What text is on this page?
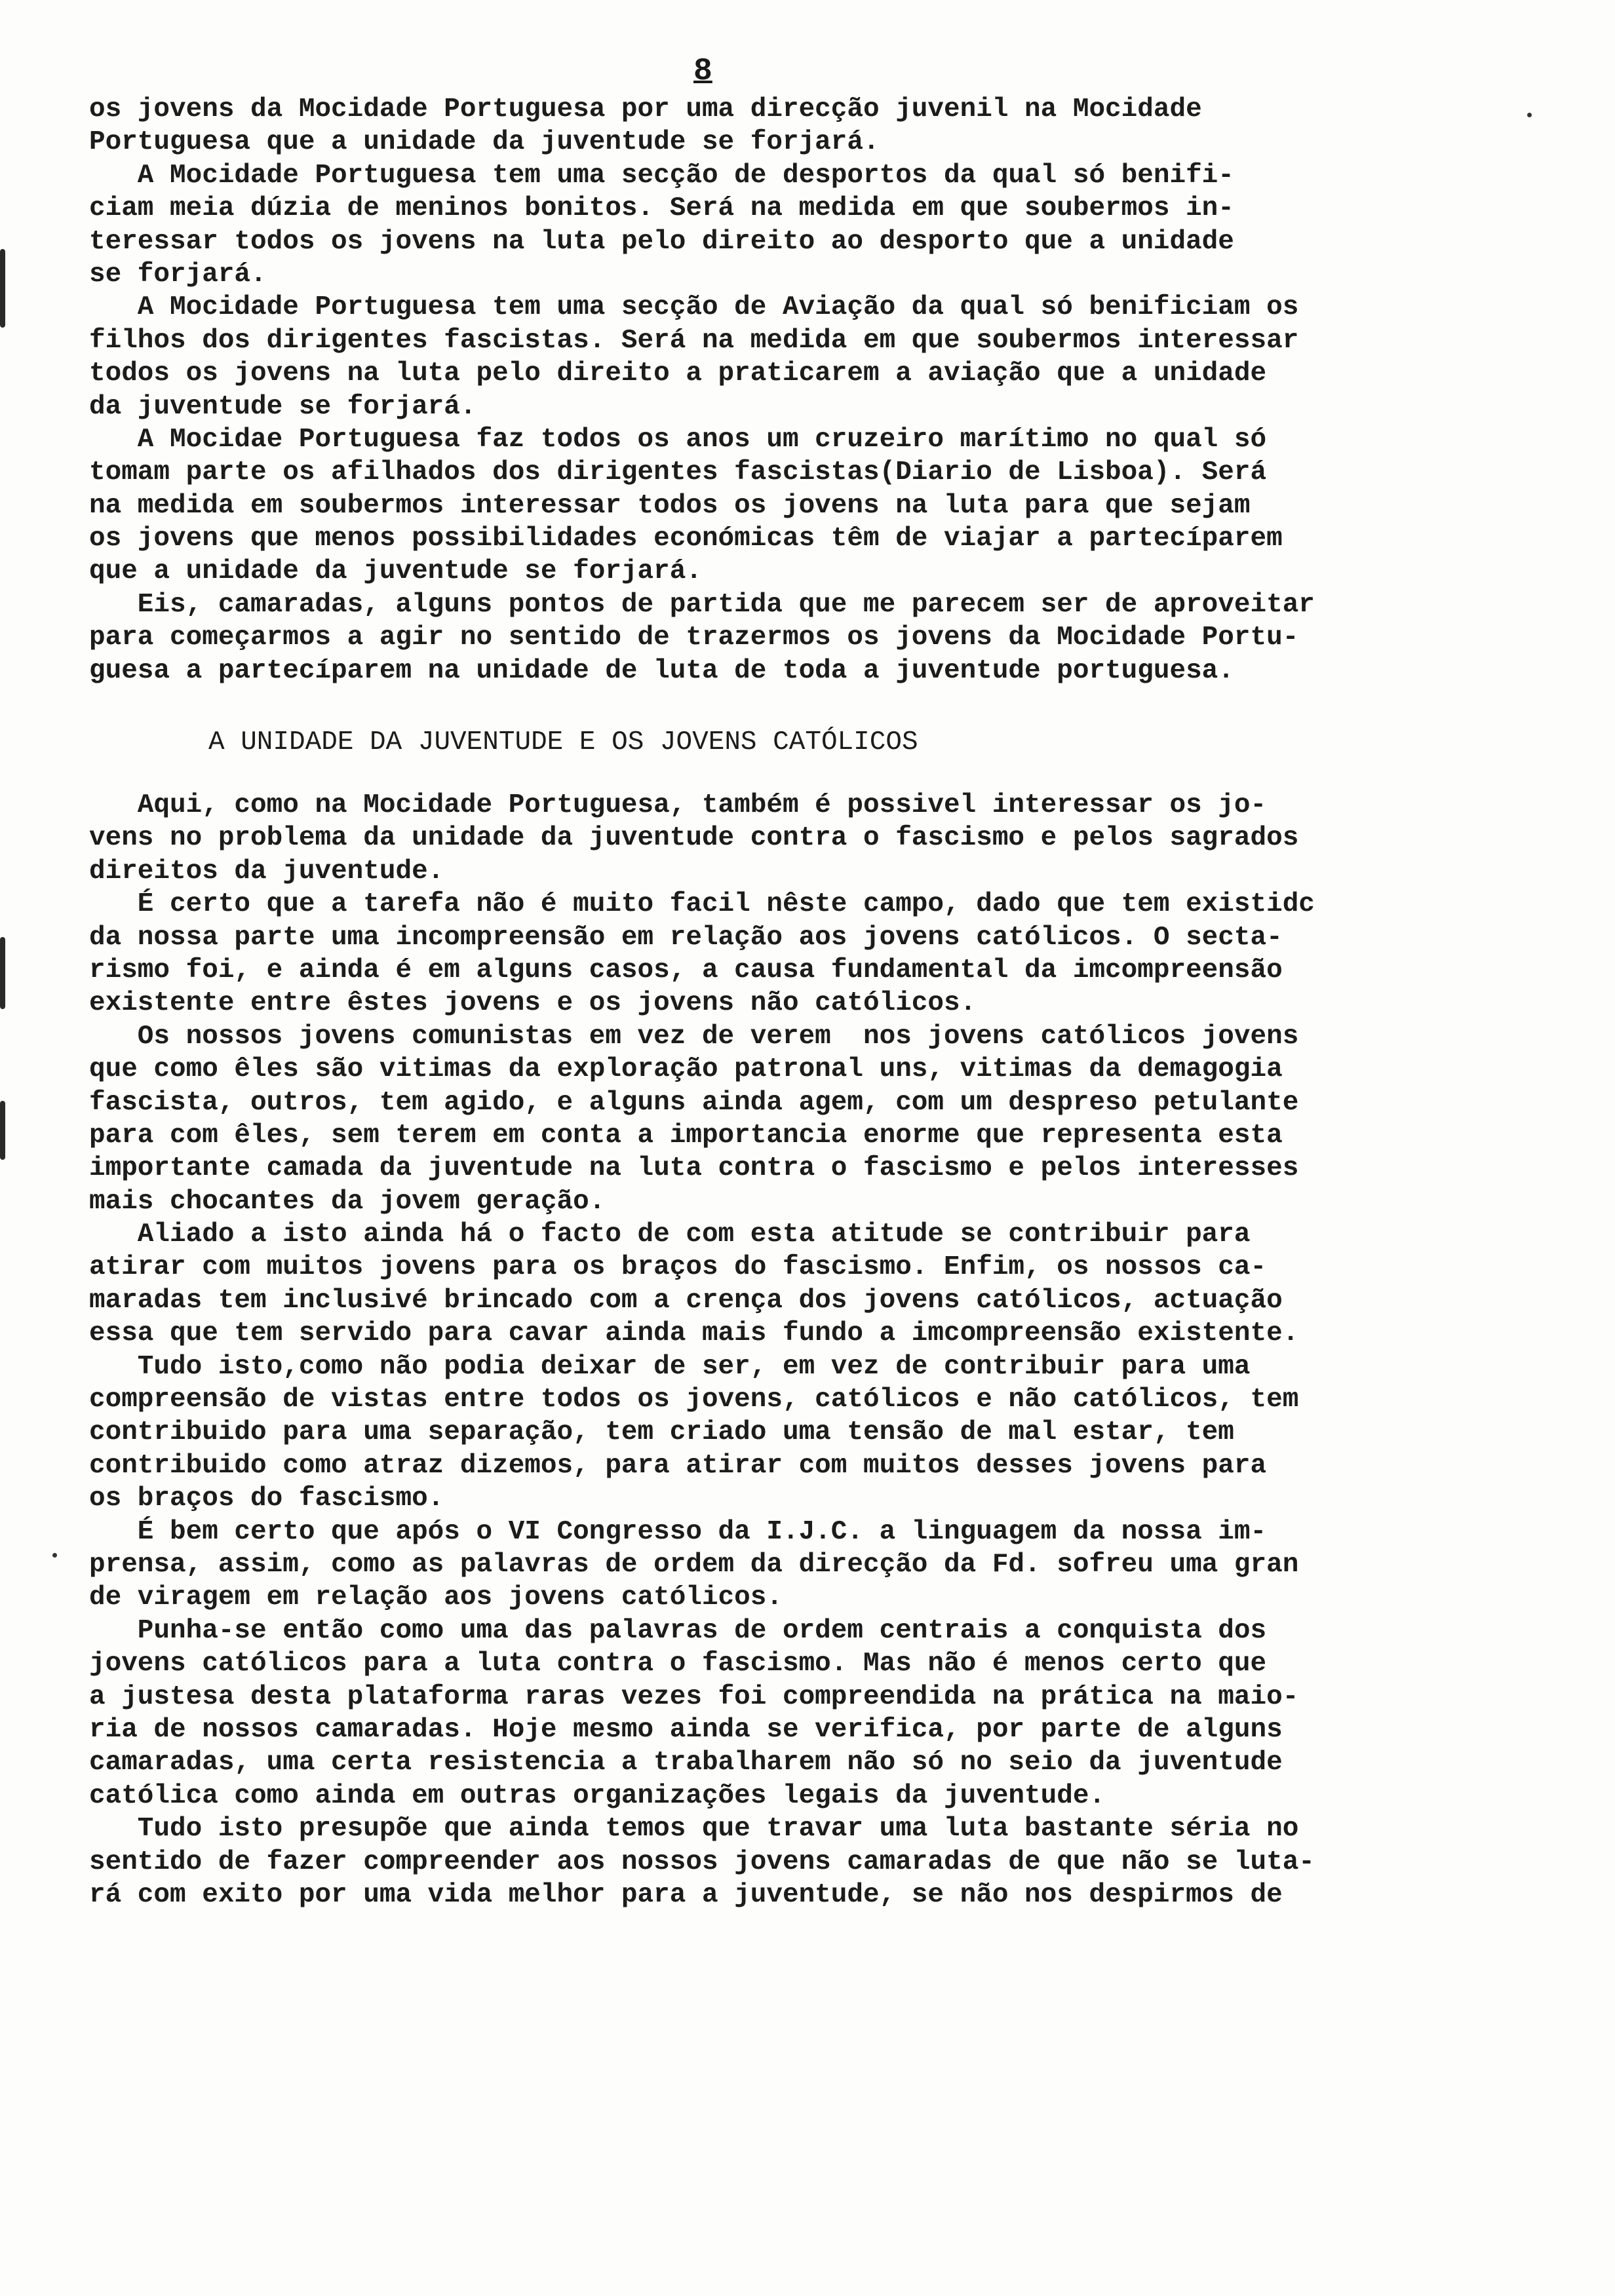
8
os jovens da Mocidade Portuguesa por uma direcção juvenil na Mocidade
Portuguesa que a unidade da juventude se forjará.
A Mocidade Portuguesa tem uma secção de desportos da qual só benifi-
ciam meia dúzia de meninos bonitos. Será na medida em que soubermos in-
teressar todos os jovens na luta pelo direito ao desporto que a unidade
se forjará.
A Mocidade Portuguesa tem uma secção de Aviação da qual só benificiam os
filhos dos dirigentes fascistas. Será na medida em que soubermos interessar
todos os jovens na luta pelo direito a praticarem a aviação que a unidade
da juventude se forjará.
A Mocidae Portuguesa faz todos os anos um cruzeiro marítimo no qual só
tomam parte os afilhados dos dirigentes fascistas(Diario de Lisboa). Será
na medida em soubermos interessar todos os jovens na luta para que sejam
os jovens que menos possibilidades económicas têm de viajar a partecíparem
que a unidade da juventude se forjará.
Eis, camaradas, alguns pontos de partida que me parecem ser de aproveitar
para começarmos a agir no sentido de trazermos os jovens da Mocidade Portu-
guesa a partecíparem na unidade de luta de toda a juventude portuguesa.
A UNIDADE DA JUVENTUDE E OS JOVENS CATÓLICOS
Aqui, como na Mocidade Portuguesa, também é possivel interessar os jo-
vens no problema da unidade da juventude contra o fascismo e pelos sagrados
direitos da juventude.
É certo que a tarefa não é muito facil nêste campo, dado que tem existidc
da nossa parte uma incompreensão em relação aos jovens católicos. O secta-
rismo foi, e ainda é em alguns casos, a causa fundamental da imcompreensão
existente entre êstes jovens e os jovens não católicos.
Os nossos jovens comunistas em vez de verem  nos jovens católicos jovens
que como êles são vitimas da exploração patronal uns, vitimas da demagogia
fascista, outros, tem agido, e alguns ainda agem, com um despreso petulante
para com êles, sem terem em conta a importancia enorme que representa esta
importante camada da juventude na luta contra o fascismo e pelos interesses
mais chocantes da jovem geração.
Aliado a isto ainda há o facto de com esta atitude se contribuir para
atirar com muitos jovens para os braços do fascismo. Enfim, os nossos ca-
maradas tem inclusivé brincado com a crença dos jovens católicos, actuação
essa que tem servido para cavar ainda mais fundo a imcompreensão existente.
Tudo isto,como não podia deixar de ser, em vez de contribuir para uma
compreensão de vistas entre todos os jovens, católicos e não católicos, tem
contribuido para uma separação, tem criado uma tensão de mal estar, tem
contribuido como atraz dizemos, para atirar com muitos desses jovens para
os braços do fascismo.
É bem certo que após o VI Congresso da I.J.C. a linguagem da nossa im-
prensa, assim, como as palavras de ordem da direcção da Fd. sofreu uma gran
de viragem em relação aos jovens católicos.
Punha-se então como uma das palavras de ordem centrais a conquista dos
jovens católicos para a luta contra o fascismo. Mas não é menos certo que
a justesa desta plataforma raras vezes foi compreendida na prática na maio-
ria de nossos camaradas. Hoje mesmo ainda se verifica, por parte de alguns
camaradas, uma certa resistencia a trabalharem não só no seio da juventude
católica como ainda em outras organizações legais da juventude.
Tudo isto presupõe que ainda temos que travar uma luta bastante séria no
sentido de fazer compreender aos nossos jovens camaradas de que não se luta-
rá com exito por uma vida melhor para a juventude, se não nos despirmos de
